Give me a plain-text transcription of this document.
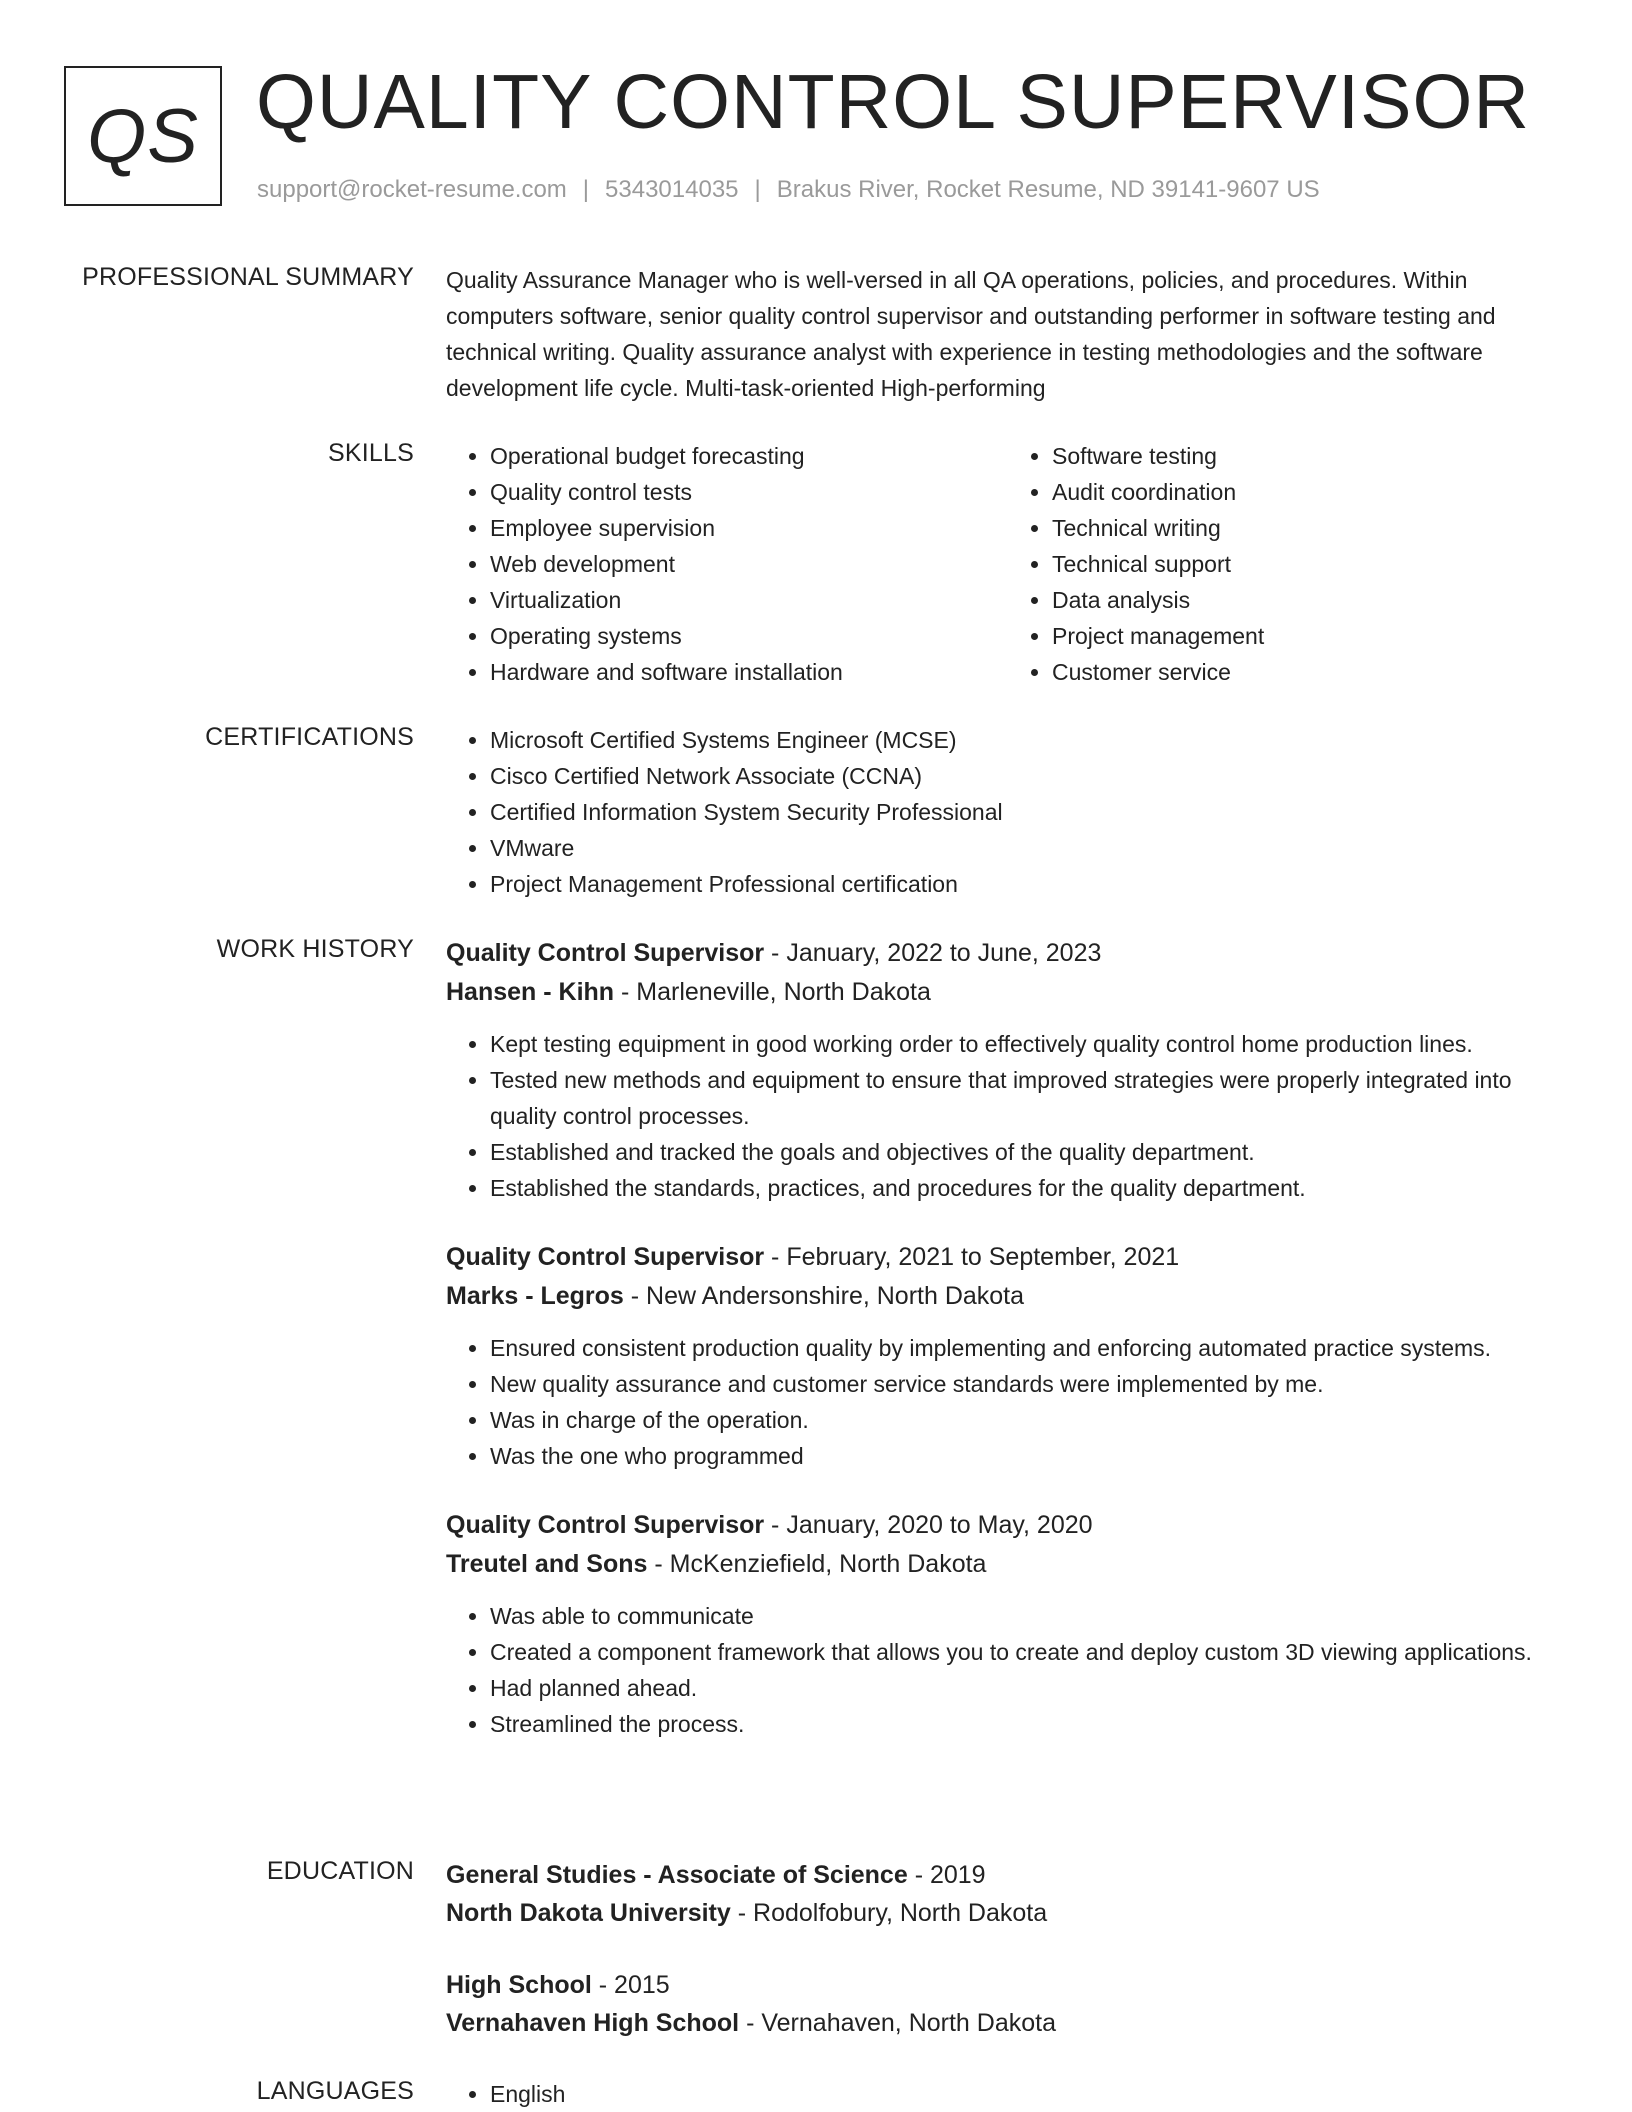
QS QUALITY CONTROL SUPERVISOR
support@rocket-resume.com | 5343014035 | Brakus River, Rocket Resume, ND 39141-9607 US
PROFESSIONAL SUMMARY Quality Assurance Manager who is well-versed in all QA operations, policies, and procedures. Within computers software, senior quality control supervisor and outstanding performer in software testing and technical writing. Quality assurance analyst with experience in testing methodologies and the software development life cycle. Multi-task-oriented High-performing

SKILLS	• Operational budget forecasting
• Quality control tests
• Employee supervision
• Web development
• Virtualization
• Operating systems
• Hardware and software installation
• Software testing
• Audit coordination
• Technical writing
• Technical support
• Data analysis
• Project management
• Customer service
CERTIFICATIONS	• Microsoft Certified Systems Engineer (MCSE)
• Cisco Certified Network Associate (CCNA)
• Certified Information System Security Professional
• VMware
• Project Management Professional certification
WORK HISTORY Quality Control Supervisor - January, 2022 to June, 2023
Hansen - Kihn - Marleneville, North Dakota
• Kept testing equipment in good working order to effectively quality control home production lines.
• Tested new methods and equipment to ensure that improved strategies were properly integrated into quality control processes.
• Established and tracked the goals and objectives of the quality department.
• Established the standards, practices, and procedures for the quality department.
Quality Control Supervisor - February, 2021 to September, 2021
Marks - Legros - New Andersonshire, North Dakota
• Ensured consistent production quality by implementing and enforcing automated practice systems.
• New quality assurance and customer service standards were implemented by me.
• Was in charge of the operation.
• Was the one who programmed
Quality Control Supervisor - January, 2020 to May, 2020
Treutel and Sons - McKenziefield, North Dakota
• Was able to communicate
• Created a component framework that allows you to create and deploy custom 3D viewing applications.
• Had planned ahead.
• Streamlined the process.
EDUCATION General Studies - Associate of Science - 2019
North Dakota University - Rodolfobury, North Dakota
High School - 2015
Vernahaven High School - Vernahaven, North Dakota
LANGUAGES	• English
